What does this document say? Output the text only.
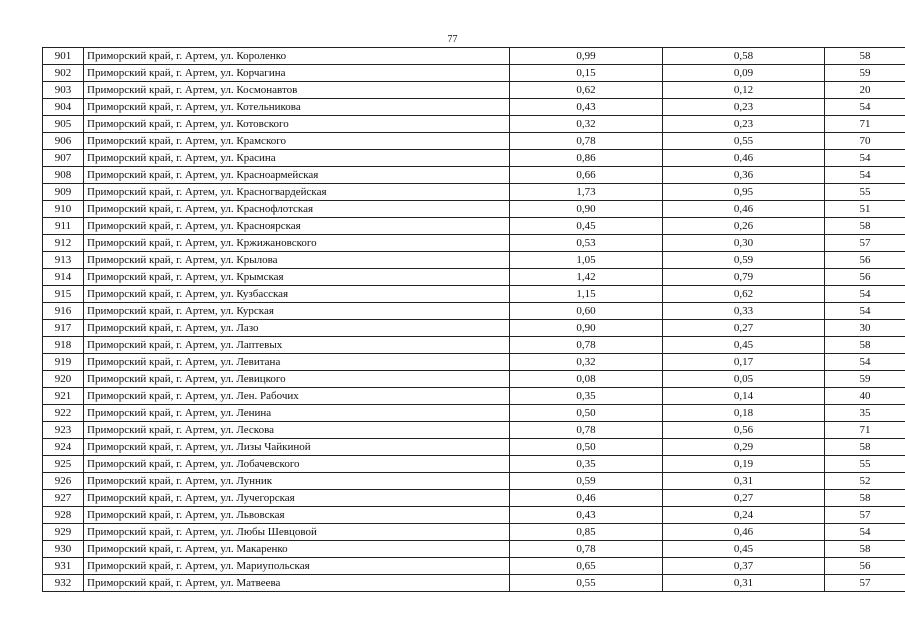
77
901	Приморский край, г. Артем, ул. Короленко	0,99	0,58	58
902	Приморский край, г. Артем, ул. Корчагина	0,15	0,09	59
903	Приморский край, г. Артем, ул. Космонавтов	0,62	0,12	20
904	Приморский край, г. Артем, ул. Котельникова	0,43	0,23	54
905	Приморский край, г. Артем, ул. Котовского	0,32	0,23	71
906	Приморский край, г. Артем, ул. Крамского	0,78	0,55	70
907	Приморский край, г. Артем, ул. Красина	0,86	0,46	54
908	Приморский край, г. Артем, ул. Красноармейская	0,66	0,36	54
909	Приморский край, г. Артем, ул. Красногвардейская	1,73	0,95	55
910	Приморский край, г. Артем, ул. Краснофлотская	0,90	0,46	51
911	Приморский край, г. Артем, ул. Красноярская	0,45	0,26	58
912	Приморский край, г. Артем, ул. Кржижановского	0,53	0,30	57
913	Приморский край, г. Артем, ул. Крылова	1,05	0,59	56
914	Приморский край, г. Артем, ул. Крымская	1,42	0,79	56
915	Приморский край, г. Артем, ул. Кузбасская	1,15	0,62	54
916	Приморский край, г. Артем, ул. Курская	0,60	0,33	54
917	Приморский край, г. Артем, ул. Лазо	0,90	0,27	30
918	Приморский край, г. Артем, ул. Лаптевых	0,78	0,45	58
919	Приморский край, г. Артем, ул. Левитана	0,32	0,17	54
920	Приморский край, г. Артем, ул. Левицкого	0,08	0,05	59
921	Приморский край, г. Артем, ул. Лен. Рабочих	0,35	0,14	40
922	Приморский край, г. Артем, ул. Ленина	0,50	0,18	35
923	Приморский край, г. Артем, ул. Лескова	0,78	0,56	71
924	Приморский край, г. Артем, ул. Лизы Чайкиной	0,50	0,29	58
925	Приморский край, г. Артем, ул. Лобачевского	0,35	0,19	55
926	Приморский край, г. Артем, ул. Лунник	0,59	0,31	52
927	Приморский край, г. Артем, ул. Лучегорская	0,46	0,27	58
928	Приморский край, г. Артем, ул. Львовская	0,43	0,24	57
929	Приморский край, г. Артем, ул. Любы Шевцовой	0,85	0,46	54
930	Приморский край, г. Артем, ул. Макаренко	0,78	0,45	58
931	Приморский край, г. Артем, ул. Мариупольская	0,65	0,37	56
932	Приморский край, г. Артем, ул. Матвеева	0,55	0,31	57
